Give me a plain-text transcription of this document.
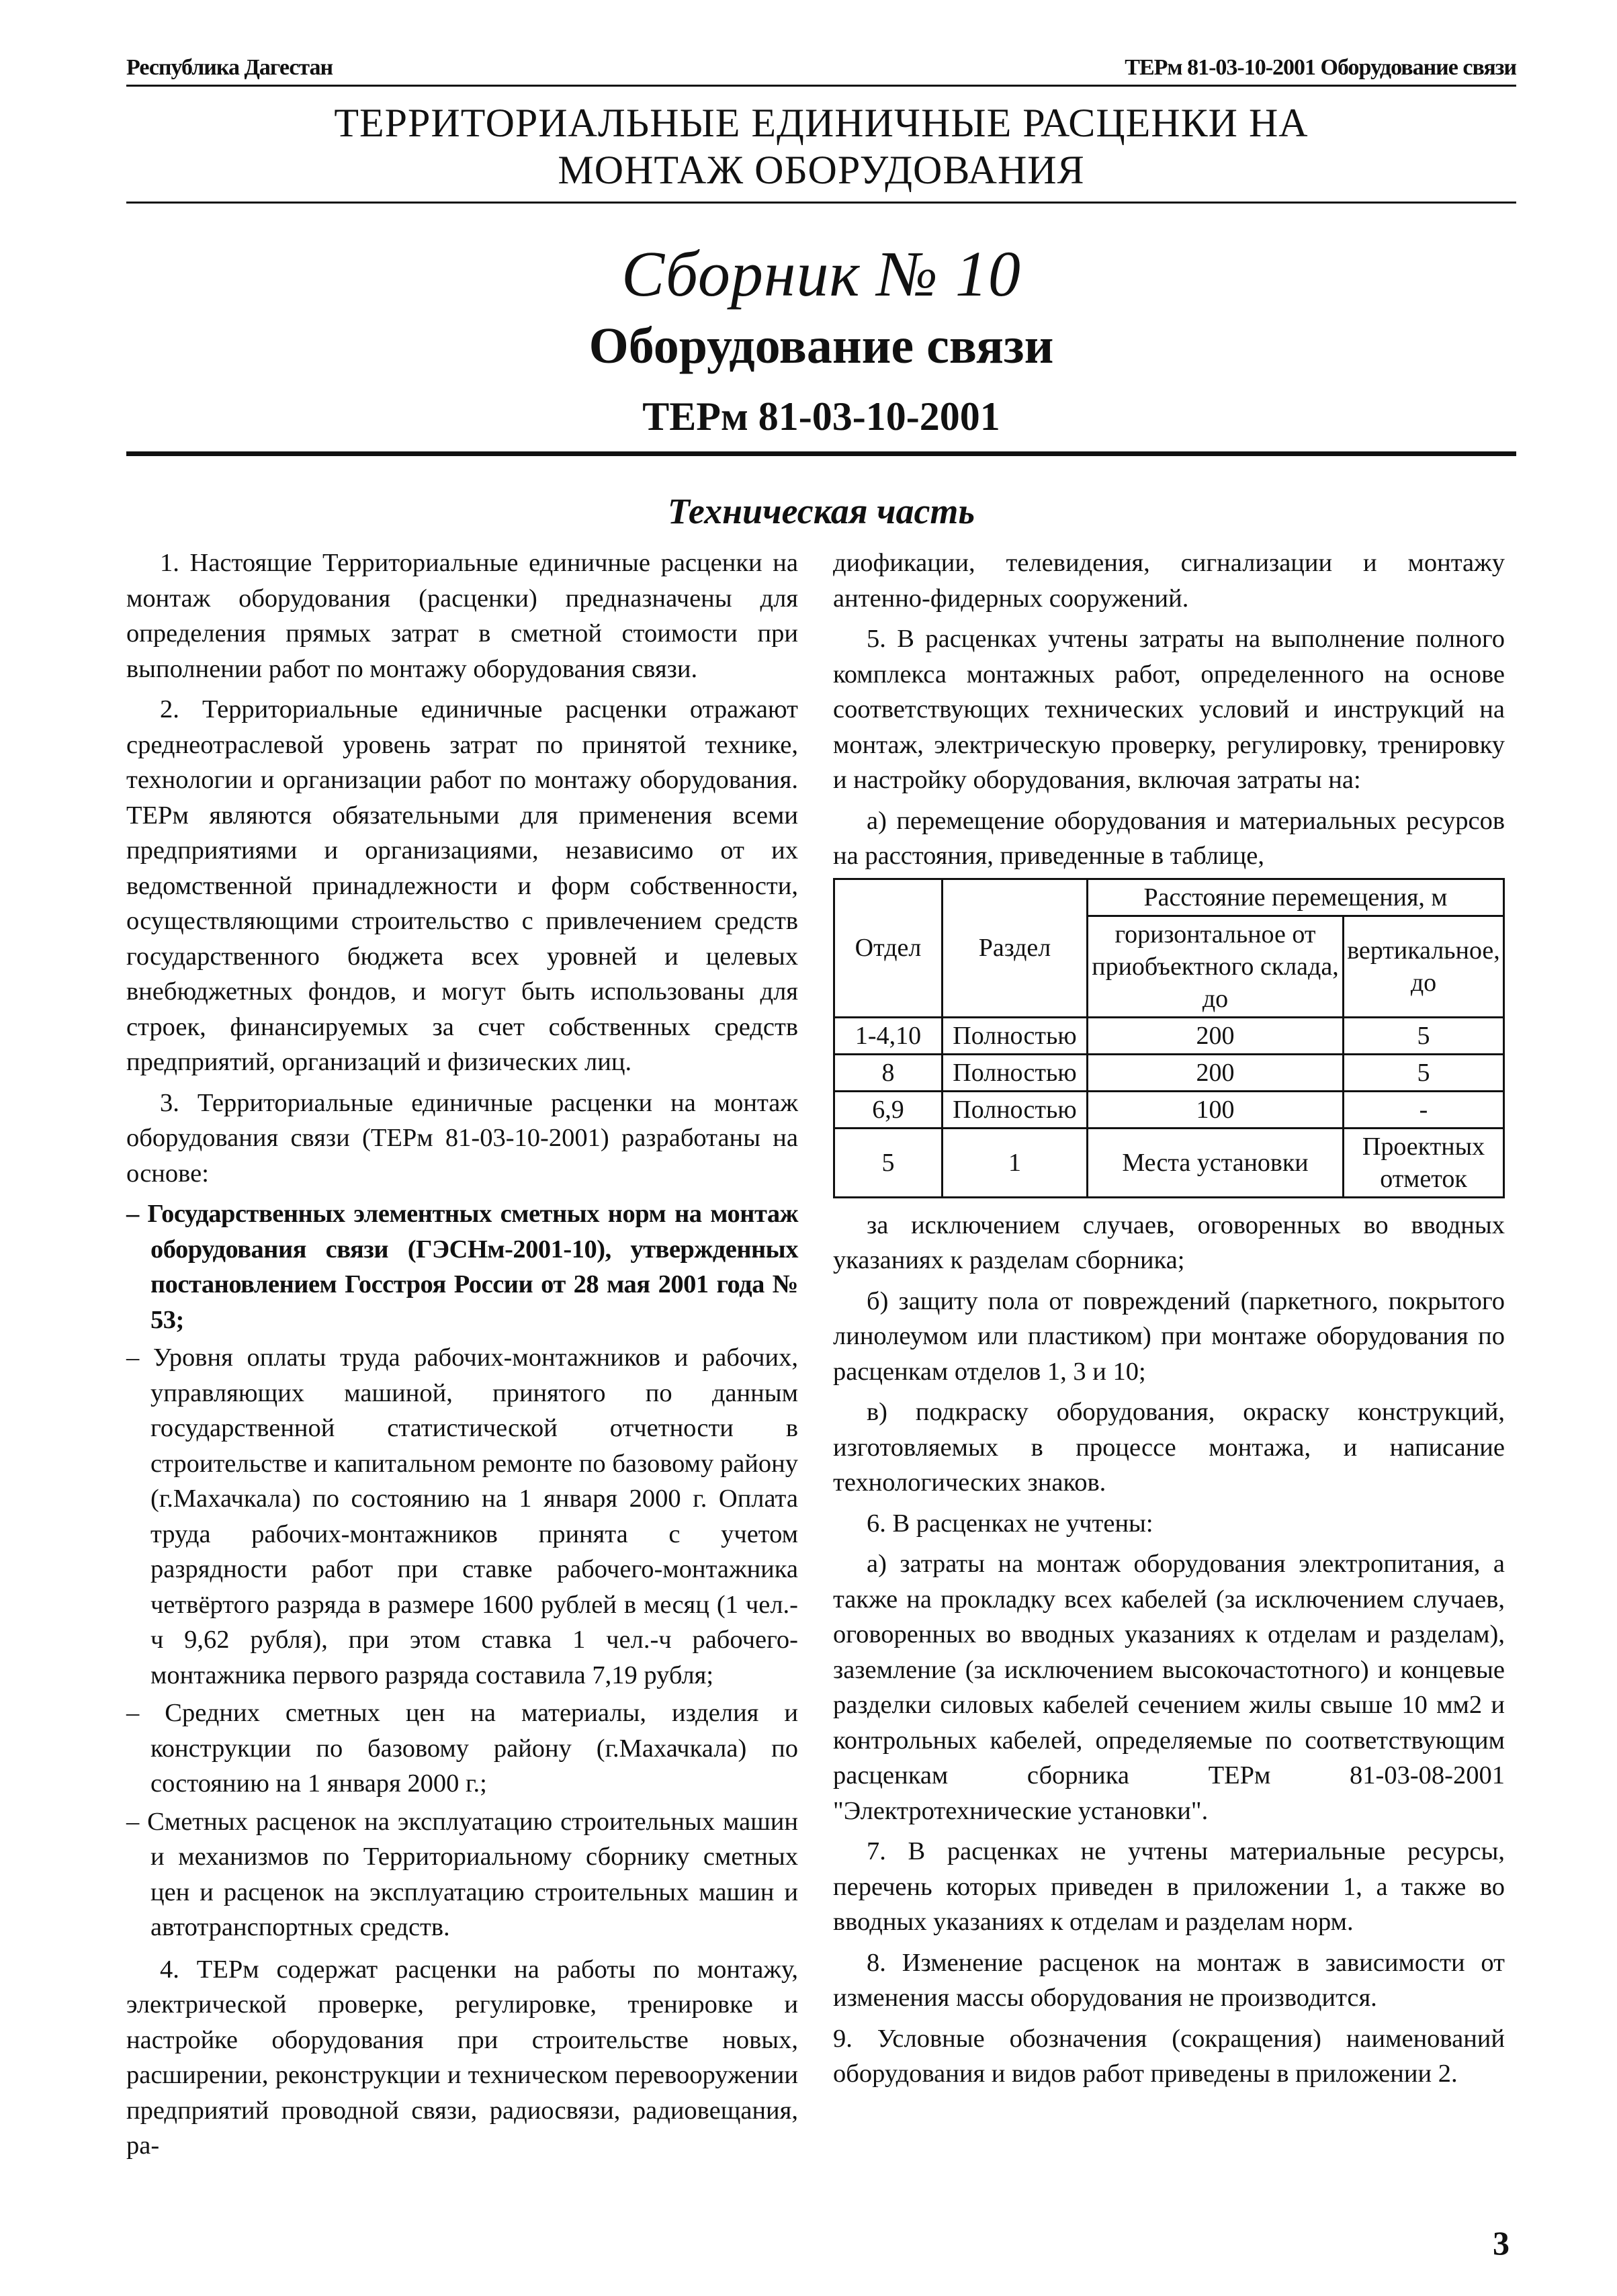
Республика Дагестан	ТЕРм 81-03-10-2001 Оборудование связи
ТЕРРИТОРИАЛЬНЫЕ ЕДИНИЧНЫЕ РАСЦЕНКИ НА
МОНТАЖ ОБОРУДОВАНИЯ
Сборник № 10
Оборудование связи
ТЕРм 81-03-10-2001
Техническая часть

1. Настоящие Территориальные единичные расценки на монтаж оборудования (расценки) предназначены для определения прямых затрат в сметной стоимости при выполнении работ по монтажу оборудования связи.

2. Территориальные единичные расценки отражают среднеотраслевой уровень затрат по принятой технике, технологии и организации работ по монтажу оборудования. ТЕРм являются обязательными для применения всеми предприятиями и организациями, независимо от их ведомственной принадлежности и форм собственности, осуществляющими строительство с привлечением средств государственного бюджета всех уровней и целевых внебюджетных фондов, и могут быть использованы для строек, финансируемых за счет собственных средств предприятий, организаций и физических лиц.

3. Территориальные единичные расценки на монтаж оборудования связи (ТЕРм 81-03-10-2001) разработаны на основе:

– Государственных элементных сметных норм на монтаж оборудования связи (ГЭСНм-2001-10), утвержденных постановлением Госстроя России от 28 мая 2001 года № 53;
– Уровня оплаты труда рабочих-монтажников и рабочих, управляющих машиной, принятого по данным государственной статистической отчетности в строительстве и капитальном ремонте по базовому району (г.Махачкала) по состоянию на 1 января 2000 г. Оплата труда рабочих-монтажников принята с учетом разрядности работ при ставке рабочего-монтажника четвёртого разряда в размере 1600 рублей в месяц (1 чел.-ч 9,62 рубля), при этом ставка 1 чел.-ч рабочего-монтажника первого разряда составила 7,19 рубля;
– Средних сметных цен на материалы, изделия и конструкции по базовому району (г.Махачкала) по состоянию на 1 января 2000 г.;
– Сметных расценок на эксплуатацию строительных машин и механизмов по Территориальному сборнику сметных цен и расценок на эксплуатацию строительных машин и автотранспортных средств.

4. ТЕРм содержат расценки на работы по монтажу, электрической проверке, регулировке, тренировке и настройке оборудования при строительстве новых, расширении, реконструкции и техническом перевооружении предприятий проводной связи, радиосвязи, радиовещания, ра-

диофикации, телевидения, сигнализации и монтажу антенно-фидерных сооружений.

5. В расценках учтены затраты на выполнение полного комплекса монтажных работ, определенного на основе соответствующих технических условий и инструкций на монтаж, электрическую проверку, регулировку, тренировку и настройку оборудования, включая затраты на:

а) перемещение оборудования и материальных ресурсов на расстояния, приведенные в таблице,

Отдел	Раздел	Расстояние перемещения, м	
		горизонтальное от приобъектного склада, до	вертикальное, до
1-4,10	Полностью	200	5
8	Полностью	200	5
6,9	Полностью	100	-
5	1	Места установки	Проектных отметок

за исключением случаев, оговоренных во вводных указаниях к разделам сборника;

б) защиту пола от повреждений (паркетного, покрытого линолеумом или пластиком) при монтаже оборудования по расценкам отделов 1, 3 и 10;

в) подкраску оборудования, окраску конструкций, изготовляемых в процессе монтажа, и написание технологических знаков.

6. В расценках не учтены:

а) затраты на монтаж оборудования электропитания, а также на прокладку всех кабелей (за исключением случаев, оговоренных во вводных указаниях к отделам и разделам), заземление (за исключением высокочастотного) и концевые разделки силовых кабелей сечением жилы свыше 10 мм2 и контрольных кабелей, определяемые по соответствующим расценкам сборника ТЕРм 81-03-08-2001 "Электротехнические установки".

7. В расценках не учтены материальные ресурсы, перечень которых приведен в приложении 1, а также во вводных указаниях к отделам и разделам норм.

8. Изменение расценок на монтаж в зависимости от изменения массы оборудования не производится.

9. Условные обозначения (сокращения) наименований оборудования и видов работ приведены в приложении 2.

3
